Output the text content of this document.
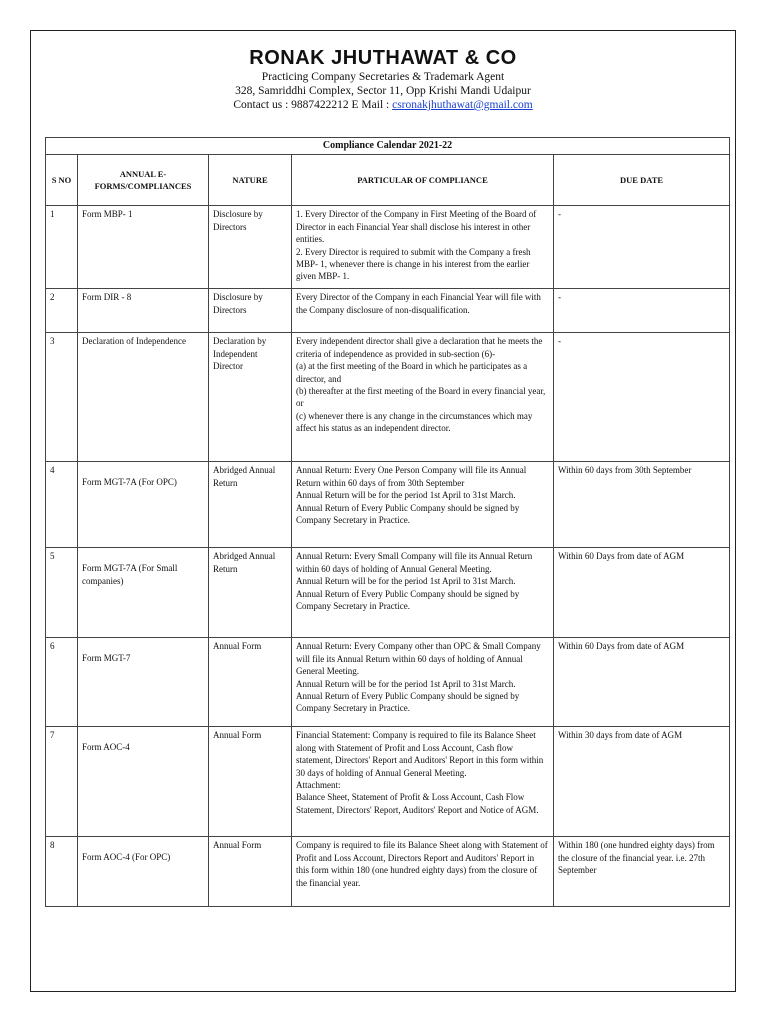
RONAK JHUTHAWAT & CO
Practicing Company Secretaries & Trademark Agent
328, Samriddhi Complex, Sector 11, Opp Krishi Mandi Udaipur
Contact us : 9887422212 E Mail : csronakjhuthawat@gmail.com
Compliance Calendar 2021-22				
S NO	ANNUAL E-FORMS/COMPLIANCES	NATURE	PARTICULAR OF COMPLIANCE	DUE DATE
1	Form MBP- 1	Disclosure by Directors	1. Every Director of the Company in First Meeting of the Board of Director in each Financial Year shall disclose his interest in other entities.
2. Every Director is required to submit with the Company a fresh MBP- 1, whenever there is change in his interest from the earlier given MBP- 1.	-
2	Form DIR - 8	Disclosure by Directors	Every Director of the Company in each Financial Year will file with the Company disclosure of non-disqualification.	-
3	Declaration of Independence	Declaration by Independent Director	Every independent director shall give a declaration that he meets the criteria of independence as provided in sub-section (6)-
(a) at the first meeting of the Board in which he participates as a director, and
(b) thereafter at the first meeting of the Board in every financial year, or
(c) whenever there is any change in the circumstances which may affect his status as an independent director.	-
4	Form MGT-7A (For OPC)	Abridged Annual Return	Annual Return: Every One Person Company will file its Annual Return within 60 days of from 30th September
Annual Return will be for the period 1st April to 31st March.
Annual Return of Every Public Company should be signed by Company Secretary in Practice.	Within 60 days from 30th September
5	Form MGT-7A (For Small companies)	Abridged Annual Return	Annual Return: Every Small Company will file its Annual Return within 60 days of holding of Annual General Meeting.
Annual Return will be for the period 1st April to 31st March.
Annual Return of Every Public Company should be signed by Company Secretary in Practice.	Within 60 Days from date of AGM
6	Form MGT-7	Annual Form	Annual Return: Every Company other than OPC & Small Company will file its Annual Return within 60 days of holding of Annual General Meeting.
Annual Return will be for the period 1st April to 31st March.
Annual Return of Every Public Company should be signed by Company Secretary in Practice.	Within 60 Days from date of AGM
7	Form AOC-4	Annual Form	Financial Statement: Company is required to file its Balance Sheet along with Statement of Profit and Loss Account, Cash flow statement, Directors' Report and Auditors' Report in this form within 30 days of holding of Annual General Meeting.
Attachment:
Balance Sheet, Statement of Profit & Loss Account, Cash Flow Statement, Directors' Report, Auditors' Report and Notice of AGM.	Within 30 days from date of AGM
8	Form AOC-4 (For OPC)	Annual Form	Company is required to file its Balance Sheet along with Statement of Profit and Loss Account, Directors Report and Auditors' Report in this form within 180 (one hundred eighty days) from the closure of the financial year.	Within 180 (one hundred eighty days) from the closure of the financial year. i.e. 27th September
